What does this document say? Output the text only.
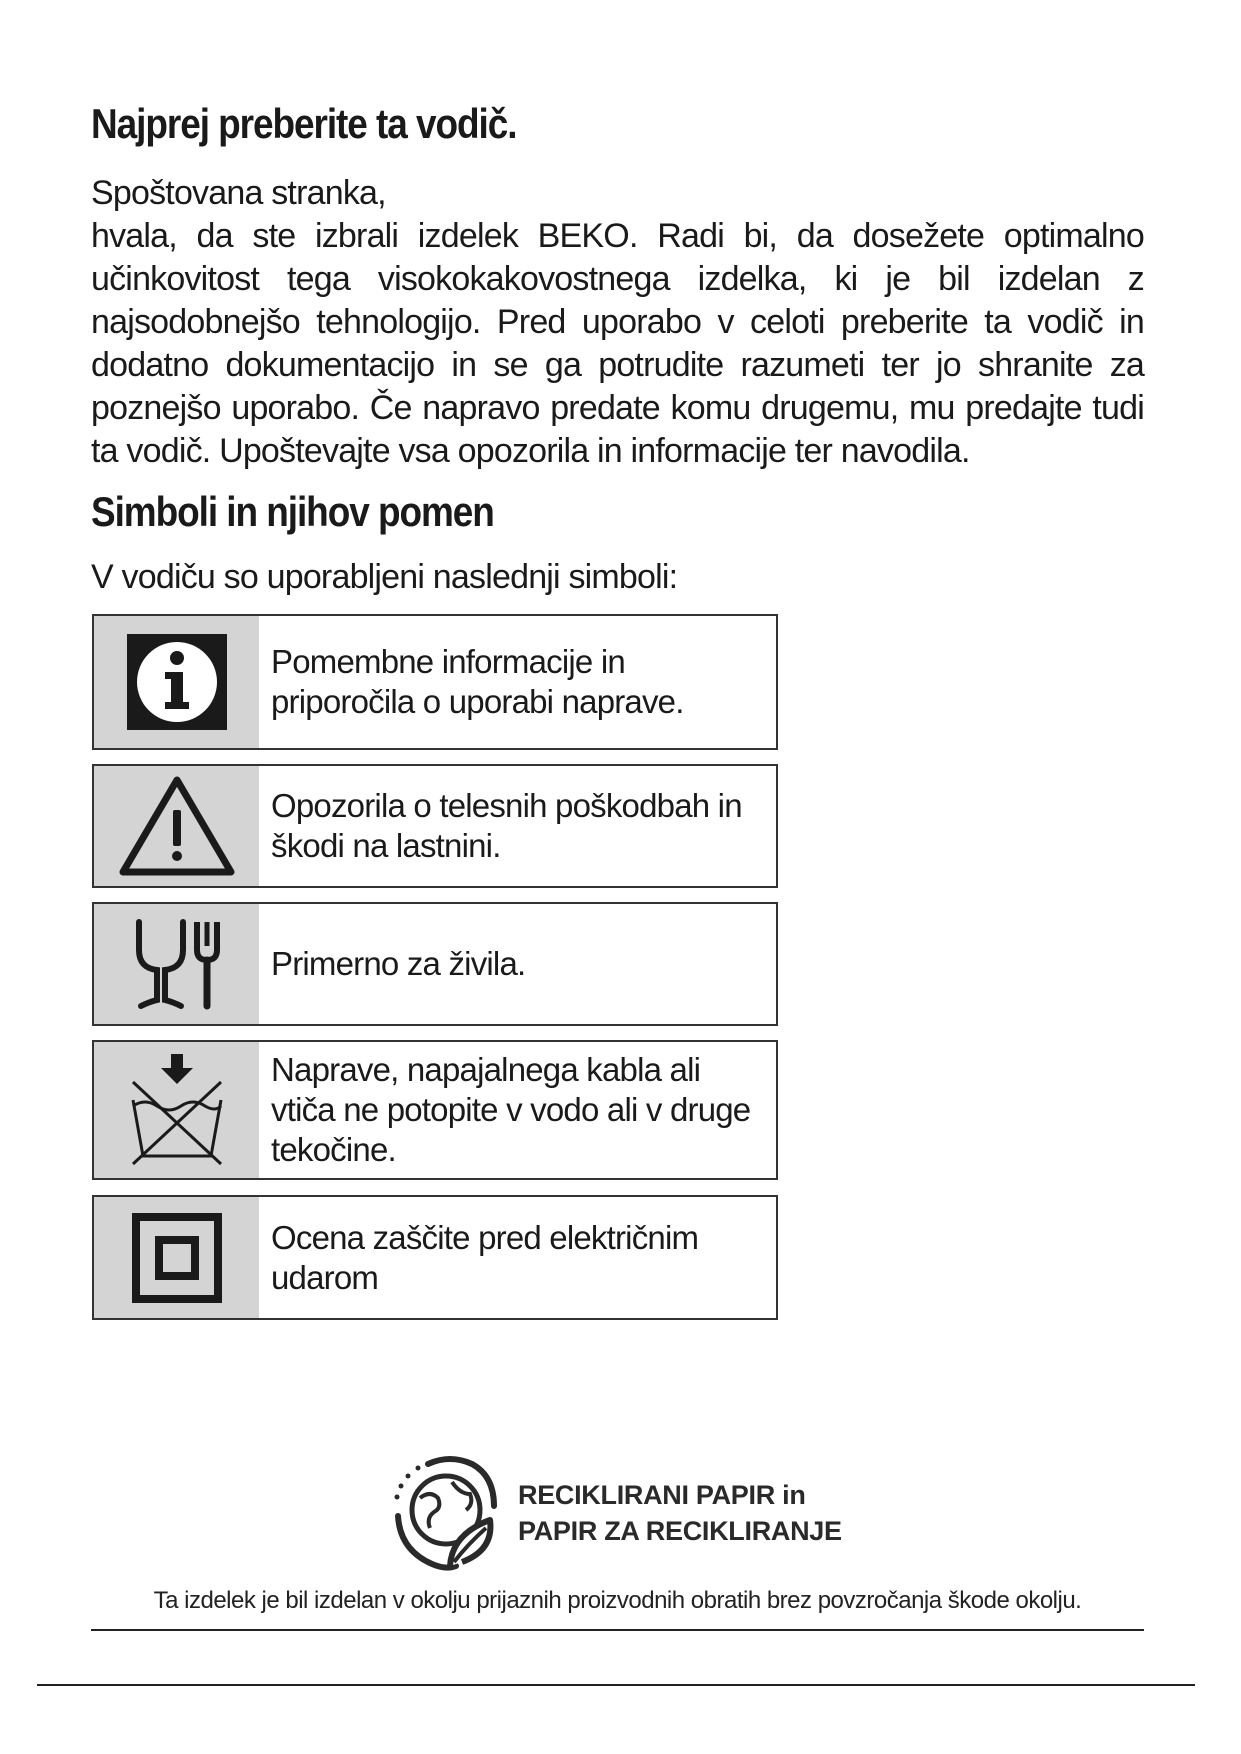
Najprej preberite ta vodič.

Spoštovana stranka,

hvala, da ste izbrali izdelek BEKO. Radi bi, da dosežete optimalno učinkovitost tega visokokakovostnega izdelka, ki je bil izdelan z najsodobnejšo tehnologijo. Pred uporabo v celoti preberite ta vodič in dodatno dokumentacijo in se ga potrudite razumeti ter jo shranite za poznejšo uporabo. Če napravo predate komu drugemu, mu predajte tudi ta vodič. Upoštevajte vsa opozorila in informacije ter navodila.

Simboli in njihov pomen
V vodiču so uporabljeni naslednji simboli:
Pomembne informacije in priporočila o uporabi naprave.
Opozorila o telesnih poškodbah in škodi na lastnini.
Primerno za živila.
Naprave, napajalnega kabla ali vtiča ne potopite v vodo ali v druge tekočine.
Ocena zaščite pred električnim udarom
RECIKLIRANI PAPIR in
PAPIR ZA RECIKLIRANJE
Ta izdelek je bil izdelan v okolju prijaznih proizvodnih obratih brez povzročanja škode okolju.
